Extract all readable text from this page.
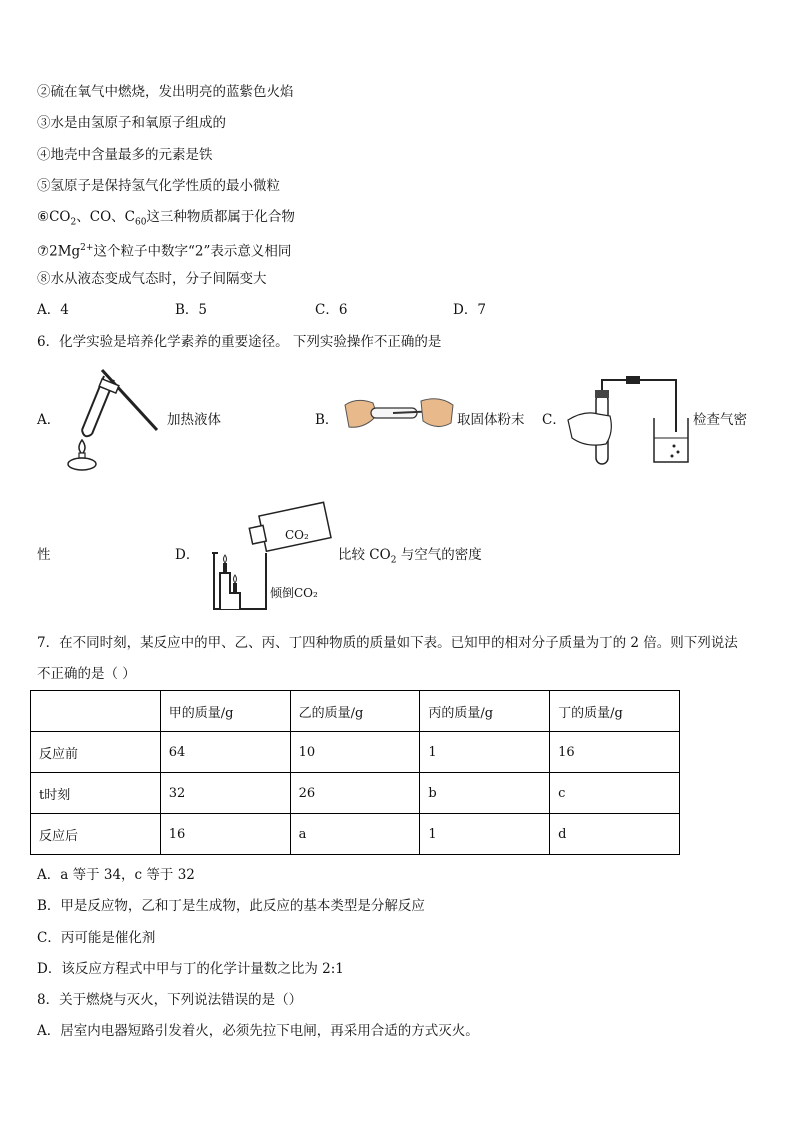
②硫在氧气中燃烧，发出明亮的蓝紫色火焰
③水是由氢原子和氧原子组成的
④地壳中含量最多的元素是铁
⑤氢原子是保持氢气化学性质的最小微粒
$⑥CO_2$、CO、$C_{60}$这三种物质都属于化合物
$⑦2Mg^{2+}$这个粒子中数字“2”表示意义相同
⑧水从液态变成气态时，分子间隔变大
A．4	B．5	C．6	D．7
6．化学实验是培养化学素养的重要途径。 下列实验操作不正确的是
A．	加热液体	B．	取固体粉末 C．	检查气密
性	D．
CO₂
倾倒CO₂
比较 $CO_2$ 与空气的密度
7．在不同时刻，某反应中的甲、乙、丙、丁四种物质的质量如下表。已知甲的相对分子质量为丁的 2 倍。则下列说法
不正确的是（ ）
	甲的质量/g	乙的质量/g	丙的质量/g	丁的质量/g
反应前	64	10	1	16
t时刻	32	26	b	c
反应后	16	a	1	d
A．a 等于 34，c 等于 32
B．甲是反应物，乙和丁是生成物，此反应的基本类型是分解反应
C．丙可能是催化剂
D．该反应方程式中甲与丁的化学计量数之比为 2:1
8．关于燃烧与灭火，下列说法错误的是（）
A．居室内电器短路引发着火，必须先拉下电闸，再采用合适的方式灭火。
